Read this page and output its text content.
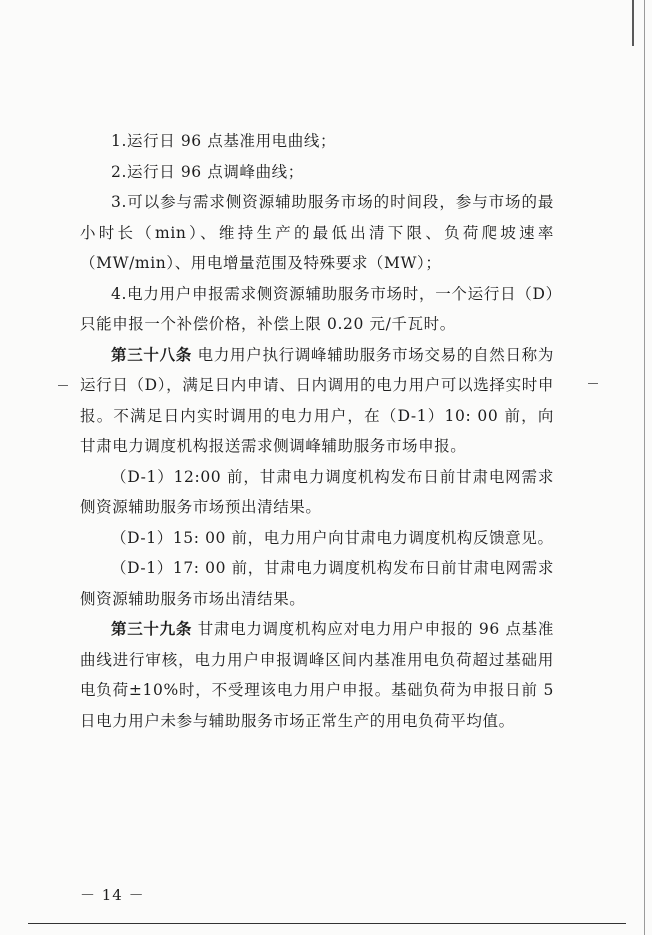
1.运行日 96 点基准用电曲线；

2.运行日 96 点调峰曲线；

3.可以参与需求侧资源辅助服务市场的时间段，参与市场的最小时长（min）、维持生产的最低出清下限、负荷爬坡速率（MW/min）、用电增量范围及特殊要求（MW）；

4.电力用户申报需求侧资源辅助服务市场时，一个运行日（D）只能申报一个补偿价格，补偿上限 0.20 元/千瓦时。

第三十八条 电力用户执行调峰辅助服务市场交易的自然日称为运行日（D），满足日内申请、日内调用的电力用户可以选择实时申报。不满足日内实时调用的电力用户，在（D-1）10: 00 前，向甘肃电力调度机构报送需求侧调峰辅助服务市场申报。

（D-1）12:00 前，甘肃电力调度机构发布日前甘肃电网需求侧资源辅助服务市场预出清结果。

（D-1）15: 00 前，电力用户向甘肃电力调度机构反馈意见。

（D-1）17: 00 前，甘肃电力调度机构发布日前甘肃电网需求侧资源辅助服务市场出清结果。

第三十九条 甘肃电力调度机构应对电力用户申报的 96 点基准曲线进行审核，电力用户申报调峰区间内基准用电负荷超过基础用电负荷±10%时，不受理该电力用户申报。基础负荷为申报日前 5 日电力用户未参与辅助服务市场正常生产的用电负荷平均值。

－ 14 －
